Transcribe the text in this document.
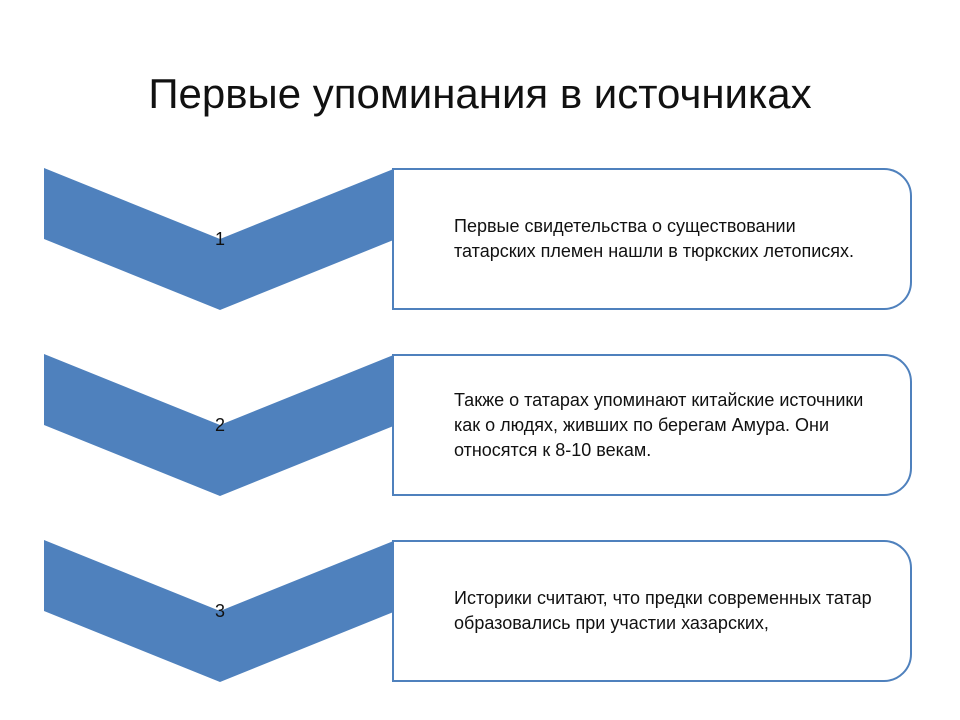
Первые упоминания в источниках
1
Первые свидетельства о существовании татарских племен нашли в тюркских летописях.
2
Также о татарах упоминают китайские источники как о людях, живших по берегам Амура. Они относятся к 8-10 векам.
3
Историки считают, что предки современных татар образовались при участии хазарских,
